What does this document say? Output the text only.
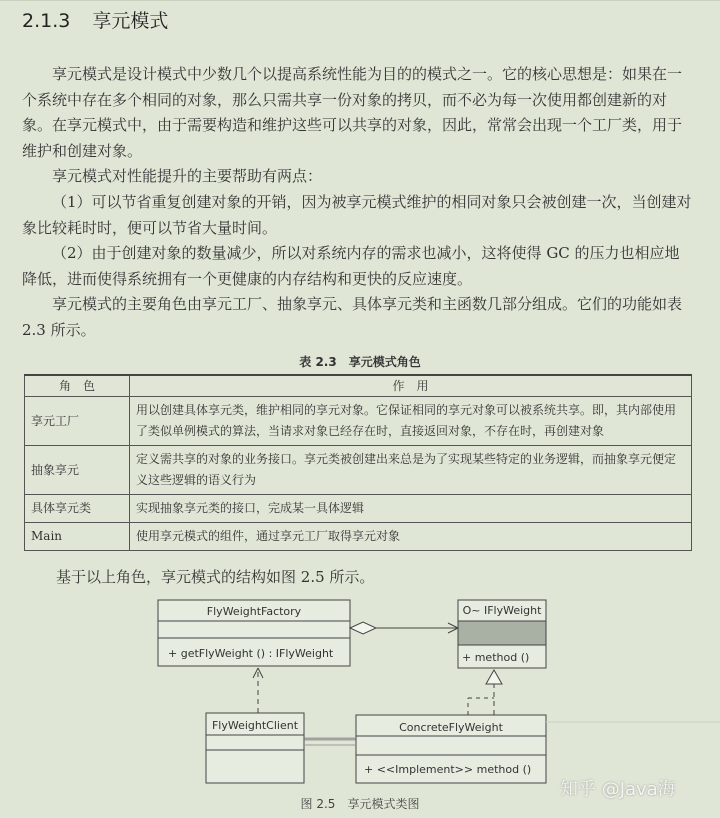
2.1.3 享元模式

享元模式是设计模式中少数几个以提高系统性能为目的的模式之一。它的核心思想是：如果在一个系统中存在多个相同的对象，那么只需共享一份对象的拷贝，而不必为每一次使用都创建新的对象。在享元模式中，由于需要构造和维护这些可以共享的对象，因此，常常会出现一个工厂类，用于维护和创建对象。

享元模式对性能提升的主要帮助有两点：

（1）可以节省重复创建对象的开销，因为被享元模式维护的相同对象只会被创建一次，当创建对象比较耗时时，便可以节省大量时间。

（2）由于创建对象的数量减少，所以对系统内存的需求也减小，这将使得 GC 的压力也相应地降低，进而使得系统拥有一个更健康的内存结构和更快的反应速度。

享元模式的主要角色由享元工厂、抽象享元、具体享元类和主函数几部分组成。它们的功能如表 2.3 所示。

表 2.3　享元模式角色
角　色	作　用
享元工厂	用以创建具体享元类，维护相同的享元对象。它保证相同的享元对象可以被系统共享。即，其内部使用了类似单例模式的算法，当请求对象已经存在时，直接返回对象，不存在时，再创建对象
抽象享元	定义需共享的对象的业务接口。享元类被创建出来总是为了实现某些特定的业务逻辑，而抽象享元便定义这些逻辑的语义行为
具体享元类	实现抽象享元类的接口，完成某一具体逻辑
Main	使用享元模式的组件，通过享元工厂取得享元对象
基于以上角色，享元模式的结构如图 2.5 所示。
FlyWeightFactory
+ getFlyWeight () : IFlyWeight
O~ IFlyWeight
+ method ()
FlyWeightClient	ConcreteFlyWeight
+ <<Implement>> method ()
图 2.5　享元模式类图
知乎 @Java海
